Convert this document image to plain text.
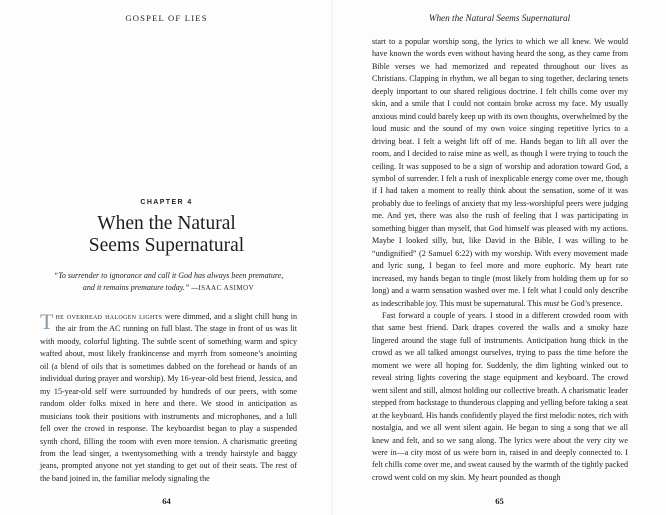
GOSPEL OF LIES
CHAPTER 4
When the Natural
Seems Supernatural
“To surrender to ignorance and call it God has always been premature,
and it remains premature today.” —ISAAC ASIMOV

The overhead halogen lights were dimmed, and a slight chill hung in the air from the AC running on full blast. The stage in front of us was lit with moody, colorful lighting. The subtle scent of something warm and spicy wafted about, most likely frankincense and myrrh from someone’s anointing oil (a blend of oils that is sometimes dabbed on the forehead or hands of an individual during prayer and worship). My 16-year-old best friend, Jessica, and my 15-year-old self were surrounded by hundreds of our peers, with some random older folks mixed in here and there. We stood in anticipation as musicians took their positions with instruments and microphones, and a lull fell over the crowd in response. The keyboardist began to play a suspended synth chord, filling the room with even more tension. A charismatic greeting from the lead singer, a twentysomething with a trendy hairstyle and baggy jeans, prompted anyone not yet standing to get out of their seats. The rest of the band joined in, the familiar melody signaling the

64
When the Natural Seems Supernatural

start to a popular worship song, the lyrics to which we all knew. We would have known the words even without having heard the song, as they came from Bible verses we had memorized and repeated throughout our lives as Christians. Clapping in rhythm, we all began to sing together, declaring tenets deeply important to our shared religious doctrine. I felt chills come over my skin, and a smile that I could not contain broke across my face. My usually anxious mind could barely keep up with its own thoughts, overwhelmed by the loud music and the sound of my own voice singing repetitive lyrics to a driving beat. I felt a weight lift off of me. Hands began to lift all over the room, and I decided to raise mine as well, as though I were trying to touch the ceiling. It was supposed to be a sign of worship and adoration toward God, a symbol of surrender. I felt a rush of inexplicable energy come over me, though if I had taken a moment to really think about the sensation, some of it was probably due to feelings of anxiety that my less-worshipful peers were judging me. And yet, there was also the rush of feeling that I was participating in something bigger than myself, that God himself was pleased with my actions. Maybe I looked silly, but, like David in the Bible, I was willing to be “undignified” (2 Samuel 6:22) with my worship. With every movement made and lyric sung, I began to feel more and more euphoric. My heart rate increased, my hands began to tingle (most likely from holding them up for so long) and a warm sensation washed over me. I felt what I could only describe as indescribable joy. This must be supernatural. This must be God’s presence.

Fast forward a couple of years. I stood in a different crowded room with that same best friend. Dark drapes covered the walls and a smoky haze lingered around the stage full of instruments. Anticipation hung thick in the crowd as we all talked amongst ourselves, trying to pass the time before the moment we were all hoping for. Suddenly, the dim lighting winked out to reveal string lights covering the stage equipment and keyboard. The crowd went silent and still, almost holding our collective breath. A charismatic leader stepped from backstage to thunderous clapping and yelling before taking a seat at the keyboard. His hands confidently played the first melodic notes, rich with nostalgia, and we all went silent again. He began to sing a song that we all knew and felt, and so we sang along. The lyrics were about the very city we were in—a city most of us were born in, raised in and deeply connected to. I felt chills come over me, and sweat caused by the warmth of the tightly packed crowd went cold on my skin. My heart pounded as though

65
